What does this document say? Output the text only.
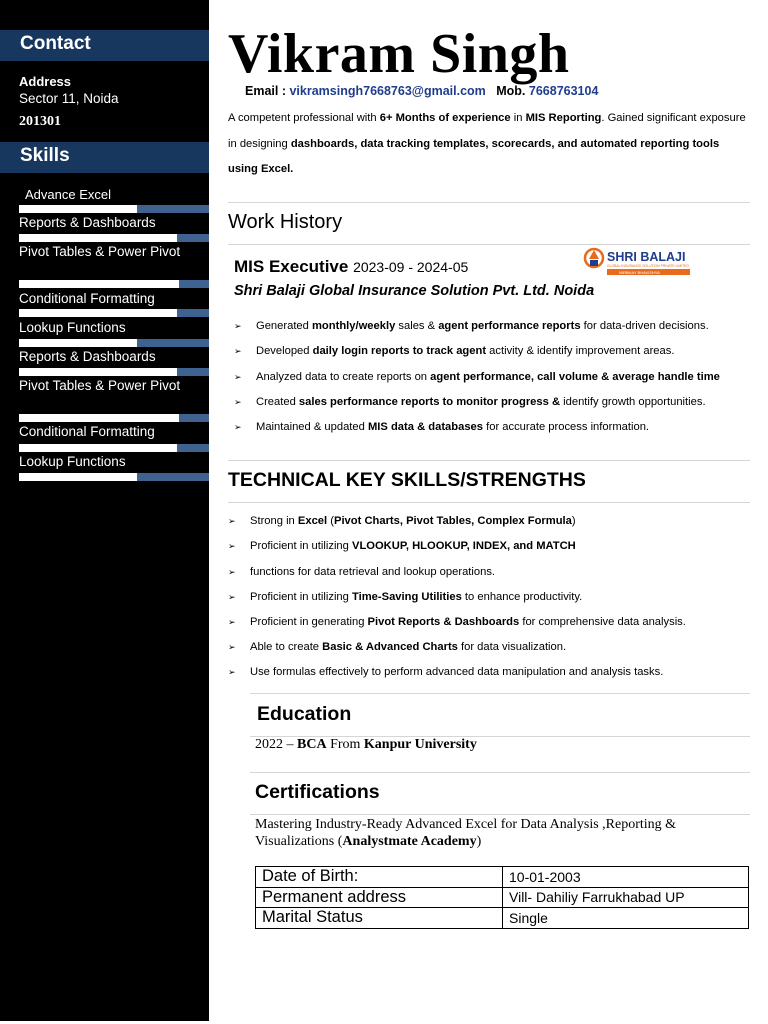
Contact
Address
Sector 11, Noida
201301
Skills
Advance Excel
Reports & Dashboards
Pivot Tables & Power Pivot
Conditional Formatting
Lookup Functions
Reports & Dashboards
Pivot Tables & Power Pivot
Conditional Formatting
Lookup Functions
Vikram Singh
Email : vikramsingh7668763@gmail.com Mob. 7668763104
A competent professional with 6+ Months of experience in MIS Reporting. Gained significant exposure in designing dashboards, data tracking templates, scorecards, and automated reporting tools using Excel.
Work History
MIS Executive 2023-09 - 2024-05
Shri Balaji Global Insurance Solution Pvt. Ltd. Noida
SHRI BALAJI
GLOBAL INSURANCE SOLUTION PRIVATE LIMITED
NIRBHAY BHAVISHYA
➢ Generated monthly/weekly sales & agent performance reports for data-driven decisions.
➢ Developed daily login reports to track agent activity & identify improvement areas.
➢ Analyzed data to create reports on agent performance, call volume & average handle time
➢ Created sales performance reports to monitor progress & identify growth opportunities.
➢ Maintained & updated MIS data & databases for accurate process information.
TECHNICAL KEY SKILLS/STRENGTHS
➢ Strong in Excel (Pivot Charts, Pivot Tables, Complex Formula)
➢ Proficient in utilizing VLOOKUP, HLOOKUP, INDEX, and MATCH
➢ functions for data retrieval and lookup operations.
➢ Proficient in utilizing Time-Saving Utilities to enhance productivity.
➢ Proficient in generating Pivot Reports & Dashboards for comprehensive data analysis.
➢ Able to create Basic & Advanced Charts for data visualization.
➢ Use formulas effectively to perform advanced data manipulation and analysis tasks.
Education
2022 – BCA From Kanpur University
Certifications
Mastering Industry-Ready Advanced Excel for Data Analysis ,Reporting & Visualizations (Analystmate Academy)
Date of Birth:	10-01-2003
Permanent address	Vill- Dahiliy Farrukhabad UP
Marital Status	Single
